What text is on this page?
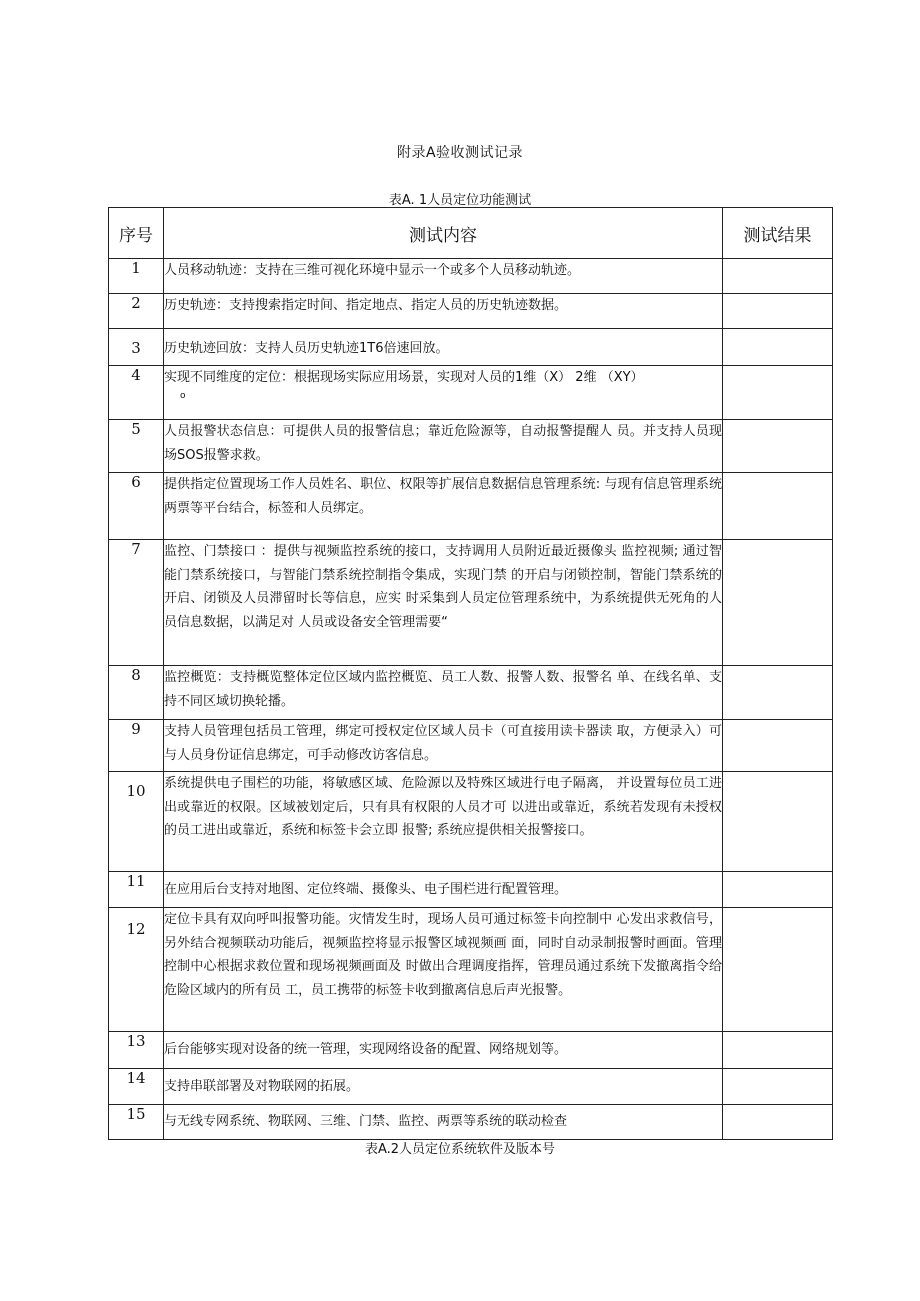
附录A验收测试记录
表A. 1人员定位功能测试
序号	测试内容	测试结果
1	人员移动轨迹：支持在三维可视化环境中显示一个或多个人员移动轨迹。	
2	历史轨迹：支持搜索指定时间、指定地点、指定人员的历史轨迹数据。	
3	历史轨迹回放：支持人员历史轨迹1T6倍速回放。	
4	实现不同维度的定位：根据现场实际应用场景，实现对人员的1维（X） 2维 （XY）
o	

5	人员报警状态信息：可提供人员的报警信息；靠近危险源等，自动报警提醒人 员。并支持人员现场SOS报警求救。	
6	提供指定位置现场工作人员姓名、职位、权限等扩展信息数据信息管理系统: 与现有信息管理系统两票等平台结合，标签和人员绑定。	
7	监控、门禁接口 ：提供与视频监控系统的接口，支持调用人员附近最近摄像头 监控视频; 通过智能门禁系统接口，与智能门禁系统控制指令集成，实现门禁 的开启与闭锁控制，智能门禁系统的开启、闭锁及人员滞留时长等信息，应实 时采集到人员定位管理系统中，为系统提供无死角的人员信息数据，以满足对 人员或设备安全管理需要“	
8	监控概览：支持概览整体定位区域内监控概览、员工人数、报警人数、报警名 单、在线名单、支持不同区域切换轮播。	
9	支持人员管理包括员工管理，绑定可授权定位区域人员卡（可直接用读卡器读 取，方便录入）可与人员身份证信息绑定，可手动修改访客信息。	
10	系统提供电子围栏的功能，将敏感区域、危险源以及特殊区域进行电子隔离， 并设置每位员工进出或靠近的权限。区域被划定后，只有具有权限的人员才可 以进出或靠近，系统若发现有未授权的员工进出或靠近，系统和标签卡会立即 报警; 系统应提供相关报警接口。	
11	在应用后台支持对地图、定位终端、摄像头、电子围栏进行配置管理。	
12	定位卡具有双向呼叫报警功能。灾情发生时，现场人员可通过标签卡向控制中 心发出求救信号，另外结合视频联动功能后，视频监控将显示报警区域视频画 面，同时自动录制报警时画面。管理控制中心根据求救位置和现场视频画面及 时做出合理调度指挥，管理员通过系统下发撤离指令给危险区域内的所有员 工，员工携带的标签卡收到撤离信息后声光报警。	
13	后台能够实现对设备的统一管理，实现网络设备的配置、网络规划等。	
14	支持串联部署及对物联网的拓展。	
15	与无线专网系统、物联网、三维、门禁、监控、两票等系统的联动检查	
表A.2人员定位系统软件及版本号
